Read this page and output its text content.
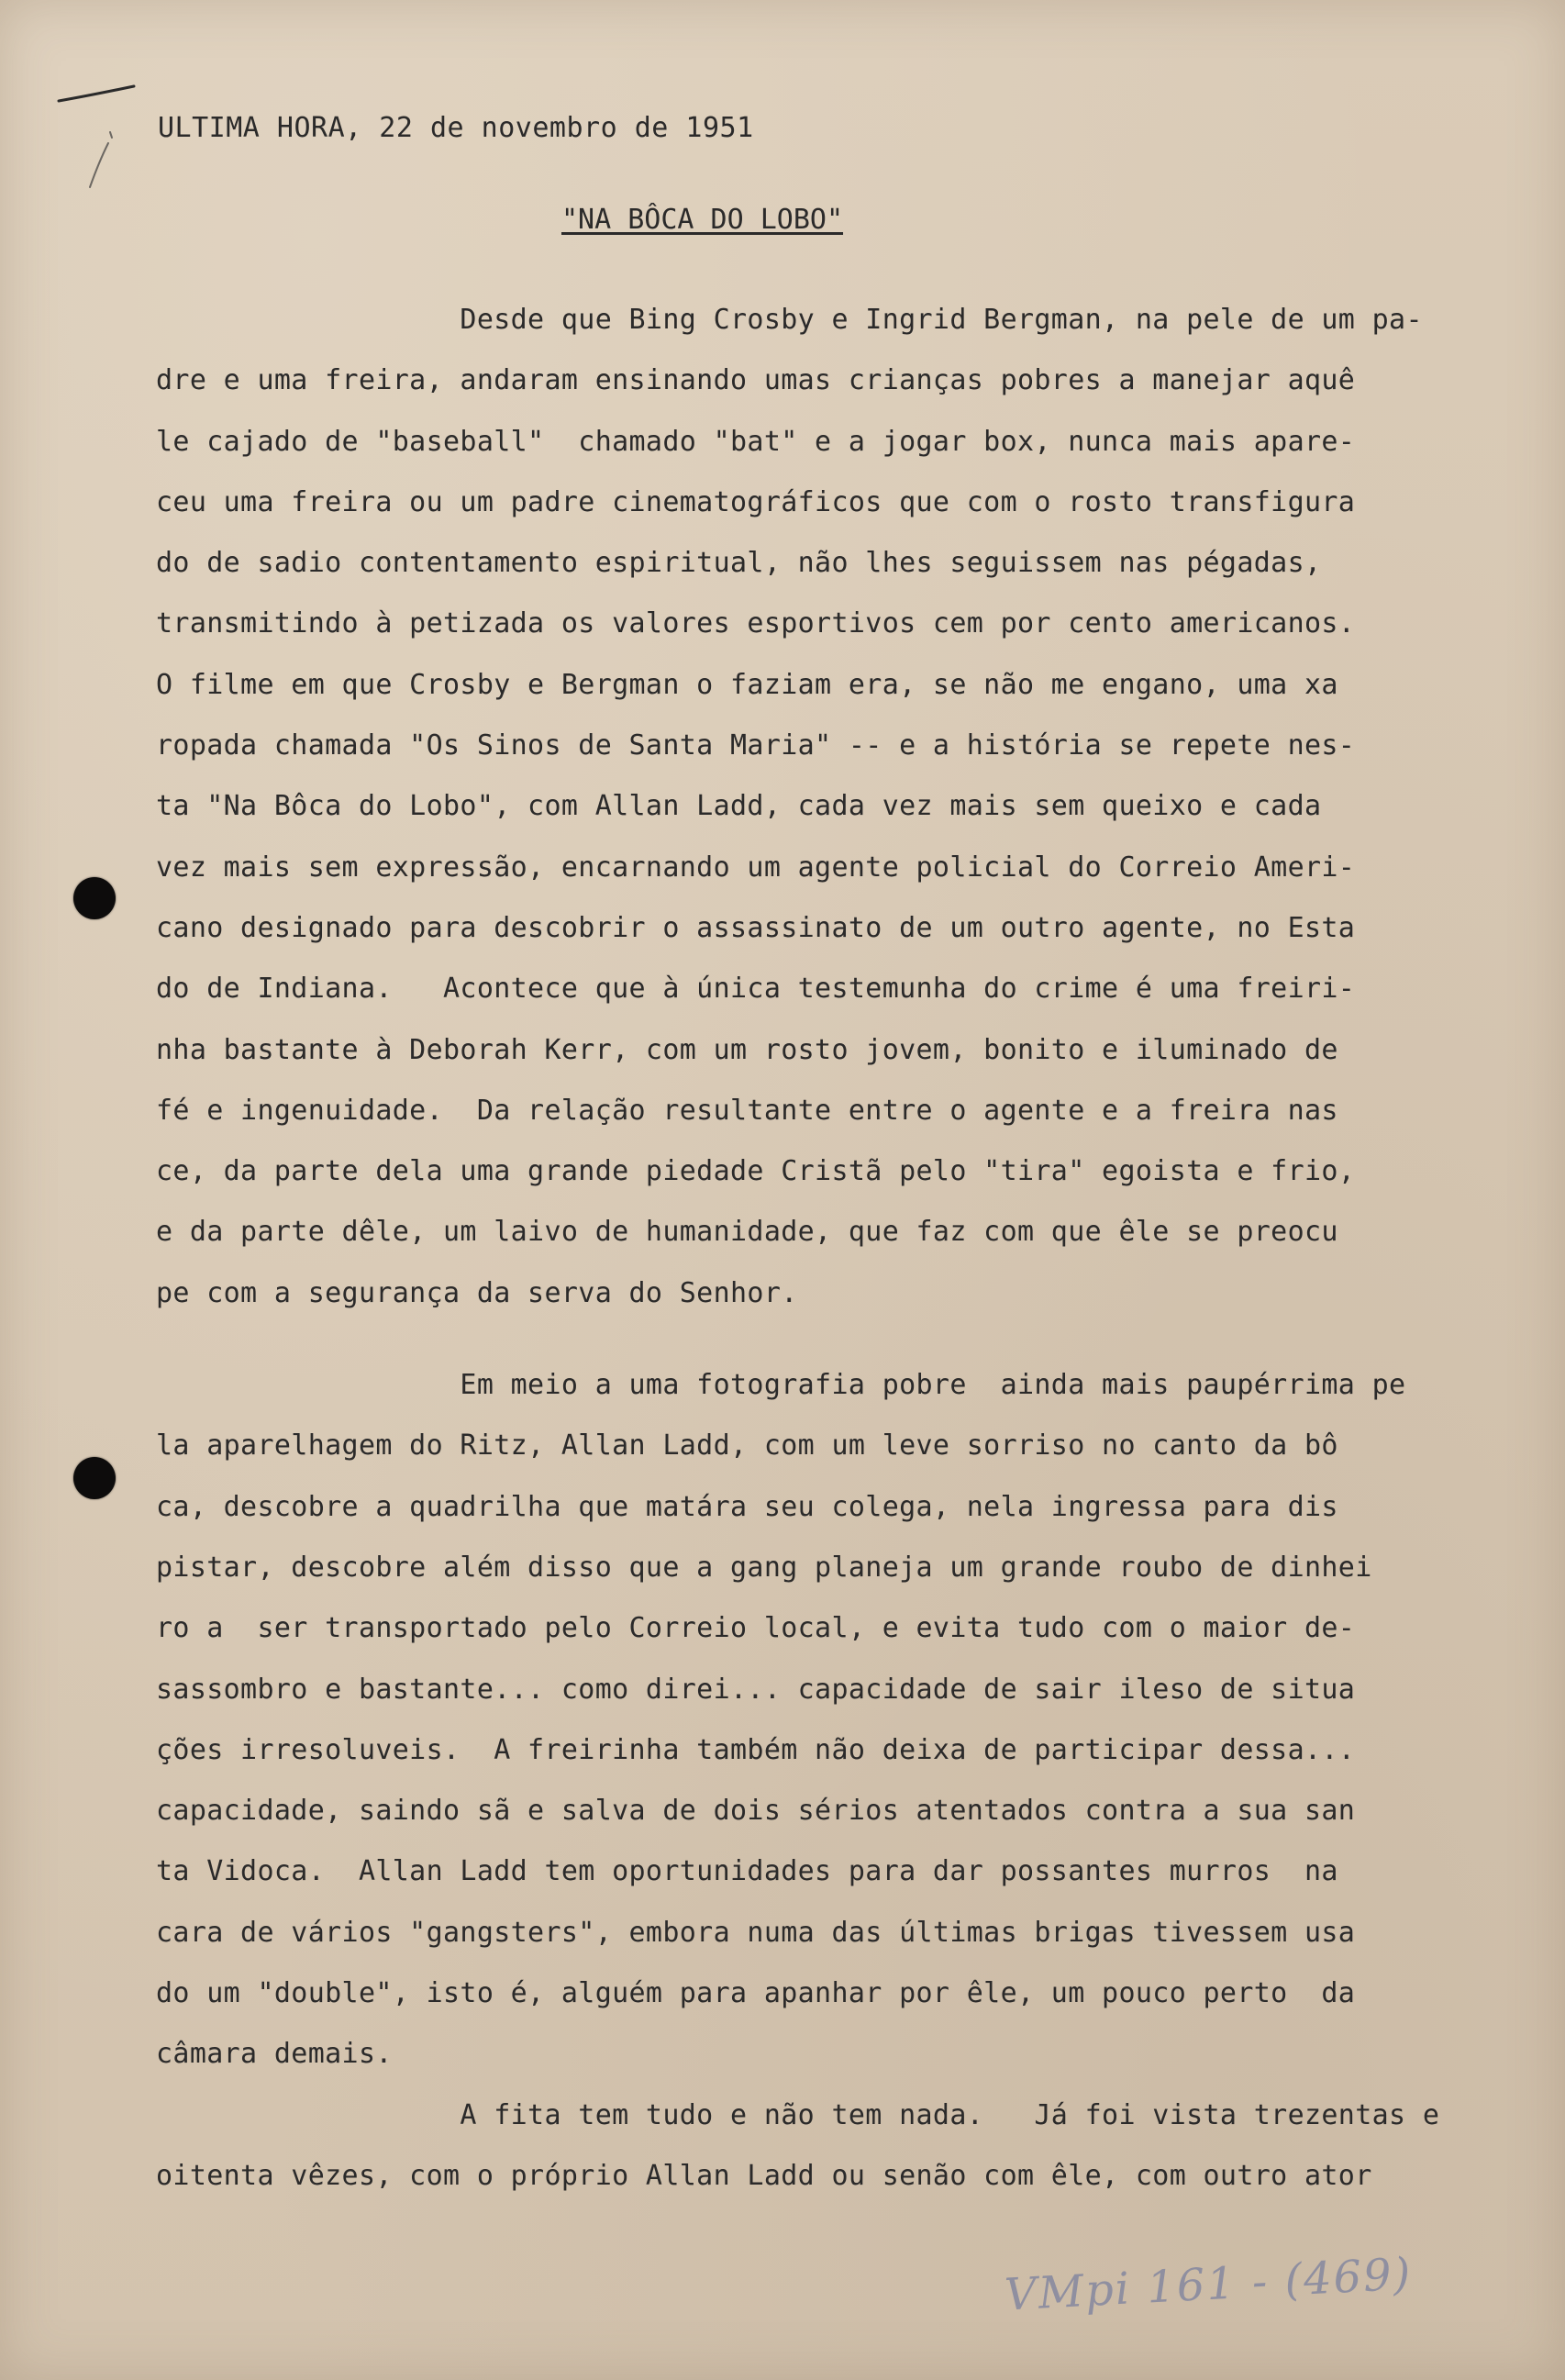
ULTIMA HORA, 22 de novembro de 1951
"NA BÔCA DO LOBO"
Desde que Bing Crosby e Ingrid Bergman, na pele de um pa-
dre e uma freira, andaram ensinando umas crianças pobres a manejar aquê
le cajado de "baseball"  chamado "bat" e a jogar box, nunca mais apare-
ceu uma freira ou um padre cinematográficos que com o rosto transfigura
do de sadio contentamento espiritual, não lhes seguissem nas pégadas,
transmitindo à petizada os valores esportivos cem por cento americanos.
O filme em que Crosby e Bergman o faziam era, se não me engano, uma xa
ropada chamada "Os Sinos de Santa Maria" -- e a história se repete nes-
ta "Na Bôca do Lobo", com Allan Ladd, cada vez mais sem queixo e cada
vez mais sem expressão, encarnando um agente policial do Correio Ameri-
cano designado para descobrir o assassinato de um outro agente, no Esta
do de Indiana.   Acontece que à única testemunha do crime é uma freiri-
nha bastante à Deborah Kerr, com um rosto jovem, bonito e iluminado de
fé e ingenuidade.  Da relação resultante entre o agente e a freira nas
ce, da parte dela uma grande piedade Cristã pelo "tira" egoista e frio,
e da parte dêle, um laivo de humanidade, que faz com que êle se preocu
pe com a segurança da serva do Senhor.
Em meio a uma fotografia pobre  ainda mais paupérrima pe
la aparelhagem do Ritz, Allan Ladd, com um leve sorriso no canto da bô
ca, descobre a quadrilha que matára seu colega, nela ingressa para dis
pistar, descobre além disso que a gang planeja um grande roubo de dinhei
ro a  ser transportado pelo Correio local, e evita tudo com o maior de-
sassombro e bastante... como direi... capacidade de sair ileso de situa
ções irresoluveis.  A freirinha também não deixa de participar dessa...
capacidade, saindo sã e salva de dois sérios atentados contra a sua san
ta Vidoca.  Allan Ladd tem oportunidades para dar possantes murros  na
cara de vários "gangsters", embora numa das últimas brigas tivessem usa
do um "double", isto é, alguém para apanhar por êle, um pouco perto  da
câmara demais.
A fita tem tudo e não tem nada.   Já foi vista trezentas e
oitenta vêzes, com o próprio Allan Ladd ou senão com êle, com outro ator
VMpi 161 - (469)
